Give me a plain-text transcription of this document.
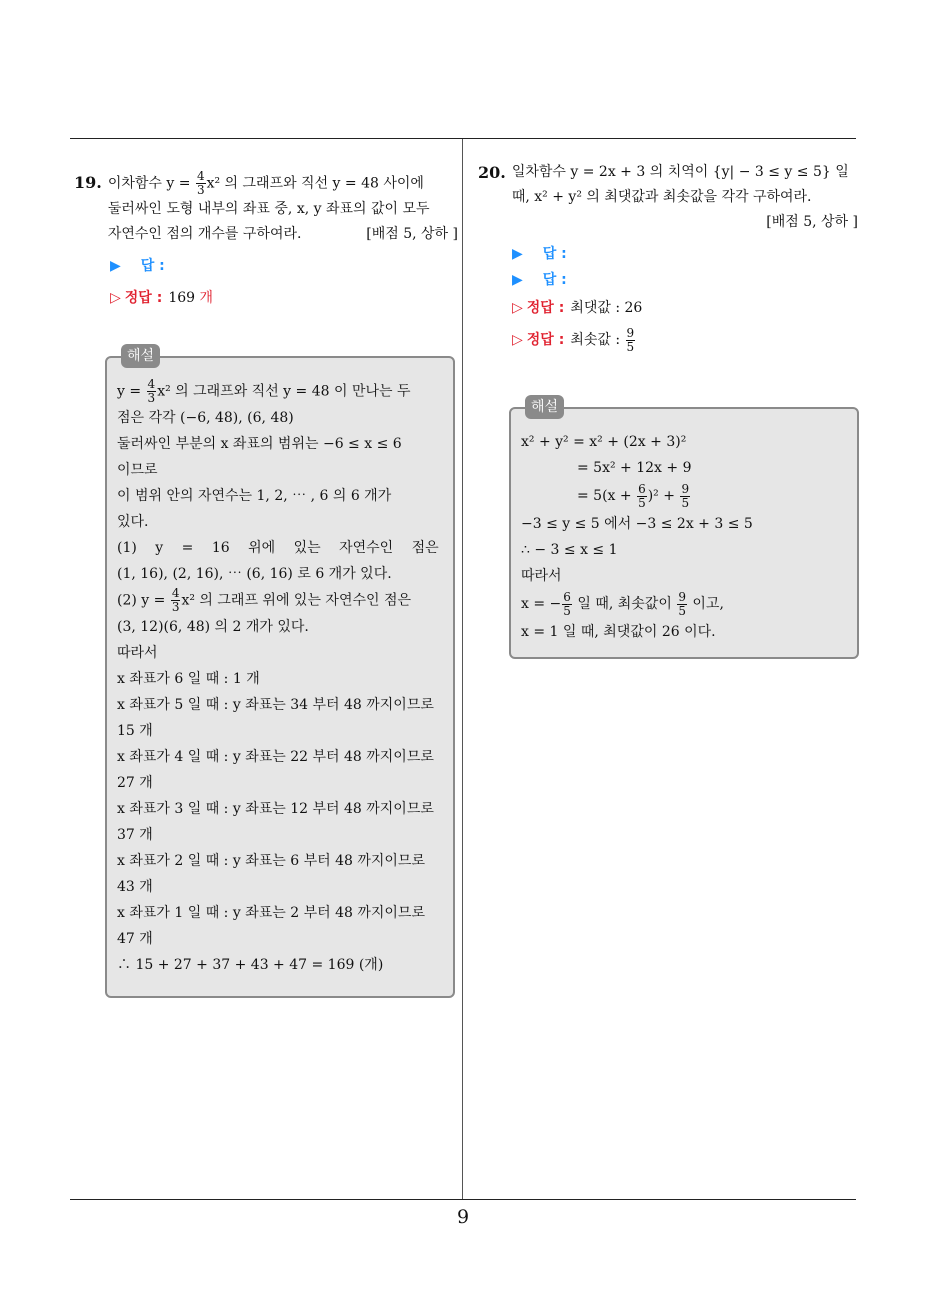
9
19. 이차함수 $y = \frac{4}{3} x^2$ 의 그래프와 직선 y = 48 사이에
둘러싸인 도형 내부의 좌표 중, x, y 좌표의 값이 모두
자연수인 점의 개수를 구하여라.	[배점 5, 상하 ]
▶ 답 :
▷ 정답 : 169 개
해설
$y = \frac{4}{3} x^2$ 의 그래프와 직선 y = 48 이 만나는 두
점은 각각 (−6, 48), (6, 48)
둘러싸인 부분의 x 좌표의 범위는 −6 ≤ x ≤ 6
이므로
이 범위 안의 자연수는 1, 2, ⋯ , 6 의 6 개가
있다.
(1) y = 16 위에 있는 자연수인 점은
(1, 16), (2, 16), ⋯ (6, 16) 로 6 개가 있다.
(2) $y = \frac{4}{3} x^2$ 의 그래프 위에 있는 자연수인 점은
(3, 12)(6, 48) 의 2 개가 있다.
따라서
x 좌표가 6 일 때 : 1 개
x 좌표가 5 일 때 : y 좌표는 34 부터 48 까지이므로
15 개
x 좌표가 4 일 때 : y 좌표는 22 부터 48 까지이므로
27 개
x 좌표가 3 일 때 : y 좌표는 12 부터 48 까지이므로
37 개
x 좌표가 2 일 때 : y 좌표는 6 부터 48 까지이므로
43 개
x 좌표가 1 일 때 : y 좌표는 2 부터 48 까지이므로
47 개
∴ 15 + 27 + 37 + 43 + 47 = 169 (개)
20. 일차함수 y = 2x + 3 의 치역이 {y| − 3 ≤ y ≤ 5} 일
때, x² + y² 의 최댓값과 최솟값을 각각 구하여라.
[배점 5, 상하 ]
▶ 답 :
▶ 답 :
▷ 정답 : 최댓값 : 26
▷ 정답 : 최솟값 : $\frac{9}{5}$
해설
x² + y² = x² + (2x + 3)²
= 5x² + 12x + 9
= $5(x + \frac{6}{5} )^2 + \frac{9}{5}$
−3 ≤ y ≤ 5 에서 −3 ≤ 2x + 3 ≤ 5
∴ − 3 ≤ x ≤ 1
따라서
x = − $\frac{6}{5}$ 일 때, 최솟값이 $\frac{9}{5}$ 이고,
x = 1 일 때, 최댓값이 26 이다.
